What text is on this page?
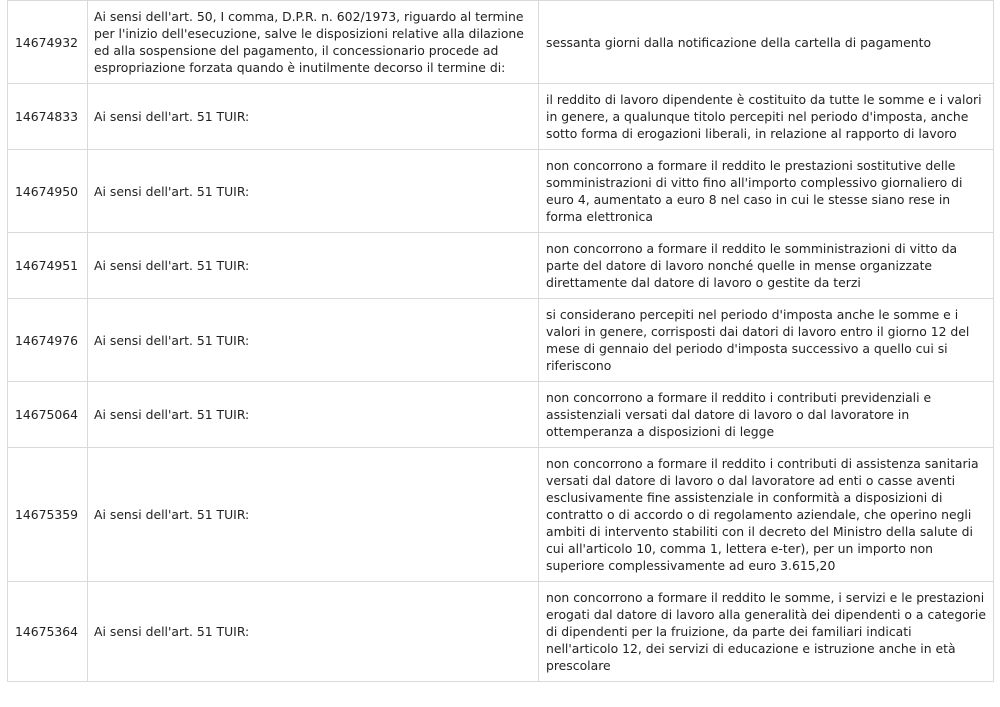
14674932	Ai sensi dell'art. 50, I comma, D.P.R. n. 602/1973, riguardo al termine per l'inizio dell'esecuzione, salve le disposizioni relative alla dilazione ed alla sospensione del pagamento, il concessionario procede ad espropriazione forzata quando è inutilmente decorso il termine di:	sessanta giorni dalla notificazione della cartella di pagamento
14674833	Ai sensi dell'art. 51 TUIR:	il reddito di lavoro dipendente è costituito da tutte le somme e i valori in genere, a qualunque titolo percepiti nel periodo d'imposta, anche sotto forma di erogazioni liberali, in relazione al rapporto di lavoro
14674950	Ai sensi dell'art. 51 TUIR:	non concorrono a formare il reddito le prestazioni sostitutive delle somministrazioni di vitto fino all'importo complessivo giornaliero di euro 4, aumentato a euro 8 nel caso in cui le stesse siano rese in forma elettronica
14674951	Ai sensi dell'art. 51 TUIR:	non concorrono a formare il reddito le somministrazioni di vitto da parte del datore di lavoro nonché quelle in mense organizzate direttamente dal datore di lavoro o gestite da terzi
14674976	Ai sensi dell'art. 51 TUIR:	si considerano percepiti nel periodo d'imposta anche le somme e i valori in genere, corrisposti dai datori di lavoro entro il giorno 12 del mese di gennaio del periodo d'imposta successivo a quello cui si riferiscono
14675064	Ai sensi dell'art. 51 TUIR:	non concorrono a formare il reddito i contributi previdenziali e assistenziali versati dal datore di lavoro o dal lavoratore in ottemperanza a disposizioni di legge
14675359	Ai sensi dell'art. 51 TUIR:	non concorrono a formare il reddito i contributi di assistenza sanitaria versati dal datore di lavoro o dal lavoratore ad enti o casse aventi esclusivamente fine assistenziale in conformità a disposizioni di contratto o di accordo o di regolamento aziendale, che operino negli ambiti di intervento stabiliti con il decreto del Ministro della salute di cui all'articolo 10, comma 1, lettera e-ter), per un importo non superiore complessivamente ad euro 3.615,20
14675364	Ai sensi dell'art. 51 TUIR:	non concorrono a formare il reddito le somme, i servizi e le prestazioni erogati dal datore di lavoro alla generalità dei dipendenti o a categorie di dipendenti per la fruizione, da parte dei familiari indicati nell'articolo 12, dei servizi di educazione e istruzione anche in età prescolare
